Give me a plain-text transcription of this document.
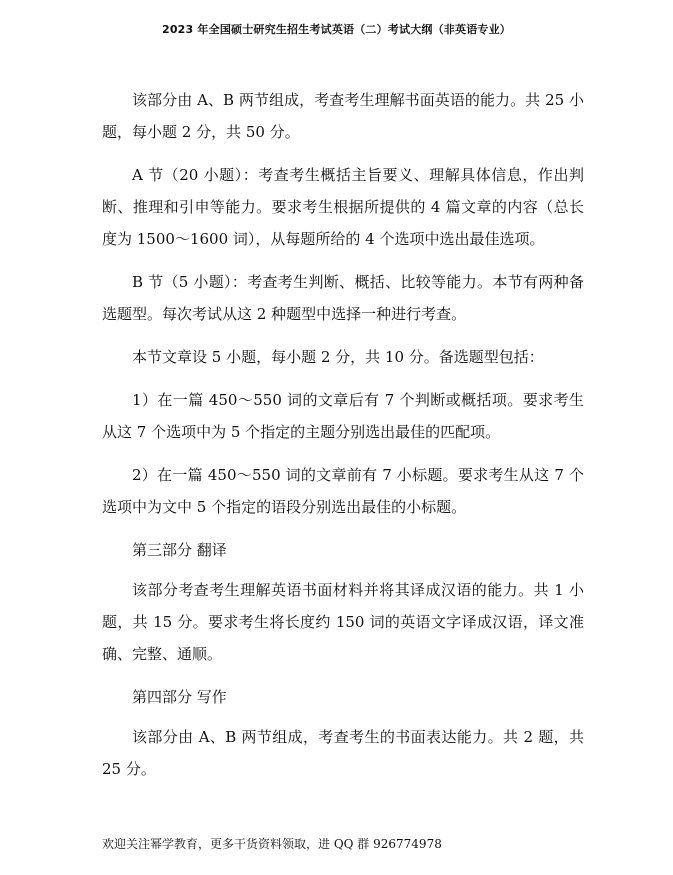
2023 年全国硕士研究生招生考试英语（二）考试大纲（非英语专业）

该部分由 A、B 两节组成，考查考生理解书面英语的能力。共 25 小题，每小题 2 分，共 50 分。

A 节（20 小题）：考查考生概括主旨要义、理解具体信息，作出判断、推理和引申等能力。要求考生根据所提供的 4 篇文章的内容（总长度为 1500～1600 词），从每题所给的 4 个选项中选出最佳选项。

B 节（5 小题）：考查考生判断、概括、比较等能力。本节有两种备选题型。每次考试从这 2 种题型中选择一种进行考查。

本节文章设 5 小题，每小题 2 分，共 10 分。备选题型包括：

1）在一篇 450～550 词的文章后有 7 个判断或概括项。要求考生从这 7 个选项中为 5 个指定的主题分别选出最佳的匹配项。

2）在一篇 450～550 词的文章前有 7 小标题。要求考生从这 7 个选项中为文中 5 个指定的语段分别选出最佳的小标题。

第三部分 翻译

该部分考查考生理解英语书面材料并将其译成汉语的能力。共 1 小题，共 15 分。要求考生将长度约 150 词的英语文字译成汉语，译文准确、完整、通顺。

第四部分 写作

该部分由 A、B 两节组成，考查考生的书面表达能力。共 2 题，共 25 分。

欢迎关注幂学教育，更多干货资料领取，进 QQ 群 926774978
